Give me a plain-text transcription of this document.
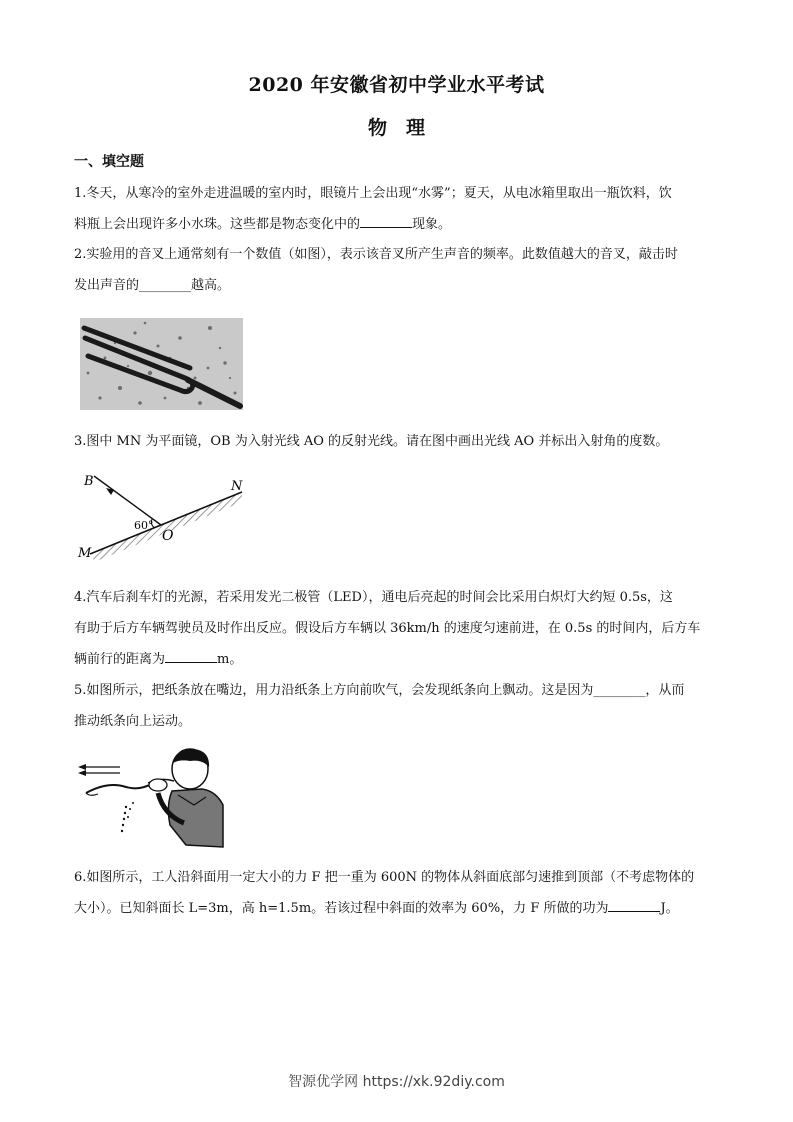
2020 年安徽省初中学业水平考试
物　理
一、填空题
1.冬天，从寒冷的室外走进温暖的室内时，眼镜片上会出现“水雾”；夏天，从电冰箱里取出一瓶饮料，饮
料瓶上会出现许多小水珠。这些都是物态变化中的	现象。
2.实验用的音叉上通常刻有一个数值（如图），表示该音叉所产生声音的频率。此数值越大的音叉，敲击时
发出声音的________越高。
3.图中 MN 为平面镜，OB 为入射光线 AO 的反射光线。请在图中画出光线 AO 并标出入射角的度数。
B	N
M
O
60°
4.汽车后刹车灯的光源，若采用发光二极管（LED），通电后亮起的时间会比采用白炽灯大约短 0.5s，这
有助于后方车辆驾驶员及时作出反应。假设后方车辆以 36km/h 的速度匀速前进，在 0.5s 的时间内，后方车
辆前行的距离为	m。
5.如图所示，把纸条放在嘴边，用力沿纸条上方向前吹气，会发现纸条向上飘动。这是因为________，从而
推动纸条向上运动。
6.如图所示，工人沿斜面用一定大小的力 F 把一重为 600N 的物体从斜面底部匀速推到顶部（不考虑物体的
大小）。已知斜面长 L=3m，高 h=1.5m。若该过程中斜面的效率为 60%，力 F 所做的功为	J。
智源优学网 https://xk.92diy.com
